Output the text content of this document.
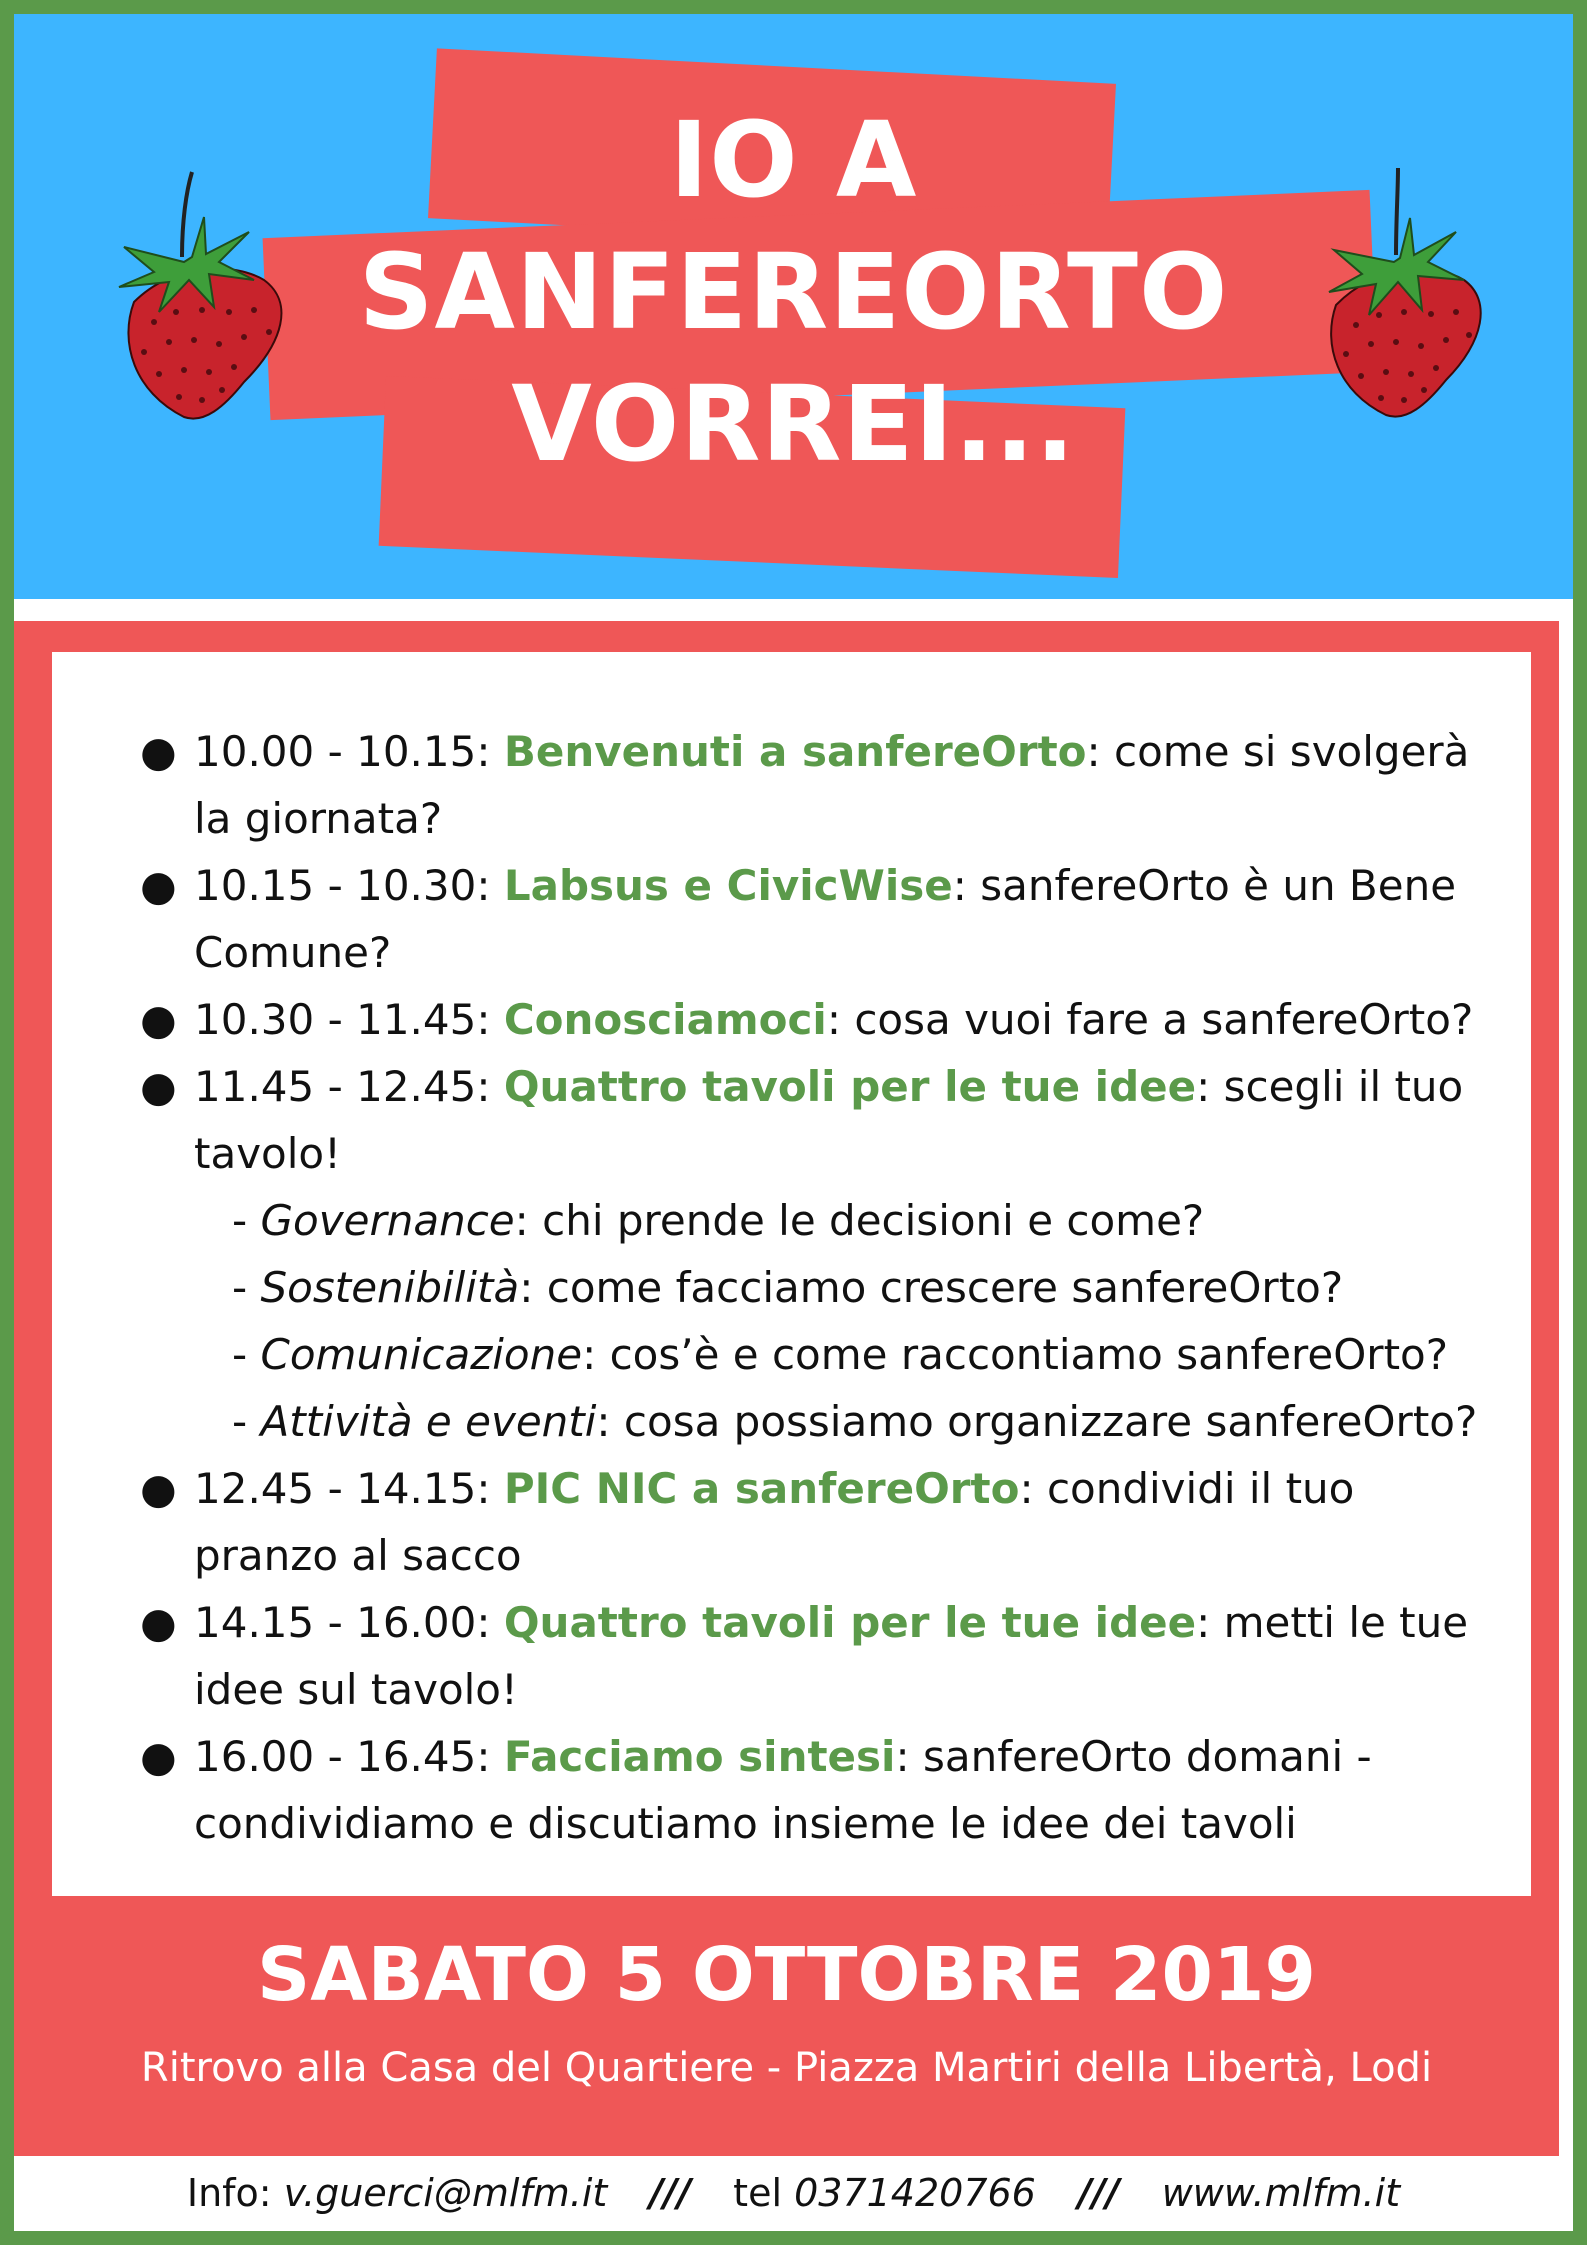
IO A
SANFEREORTO
VORREI...
● 10.00 - 10.15: Benvenuti a sanfereOrto: come si svolgerà la giornata?
● 10.15 - 10.30: Labsus e CivicWise: sanfereOrto è un Bene Comune?
● 10.30 - 11.45: Conosciamoci: cosa vuoi fare a sanfereOrto?
● 11.45 - 12.45: Quattro tavoli per le tue idee: scegli il tuo tavolo!
- Governance: chi prende le decisioni e come?
- Sostenibilità: come facciamo crescere sanfereOrto?
- Comunicazione: cos’è e come raccontiamo sanfereOrto?
- Attività e eventi: cosa possiamo organizzare sanfereOrto?
● 12.45 - 14.15: PIC NIC a sanfereOrto: condividi il tuo pranzo al sacco
● 14.15 - 16.00: Quattro tavoli per le tue idee: metti le tue idee sul tavolo!
● 16.00 - 16.45: Facciamo sintesi: sanfereOrto domani - condividiamo e discutiamo insieme le idee dei tavoli
SABATO 5 OTTOBRE 2019
Ritrovo alla Casa del Quartiere - Piazza Martiri della Libertà, Lodi
Info: v.guerci@mlfm.it /// tel 0371420766 /// www.mlfm.it
